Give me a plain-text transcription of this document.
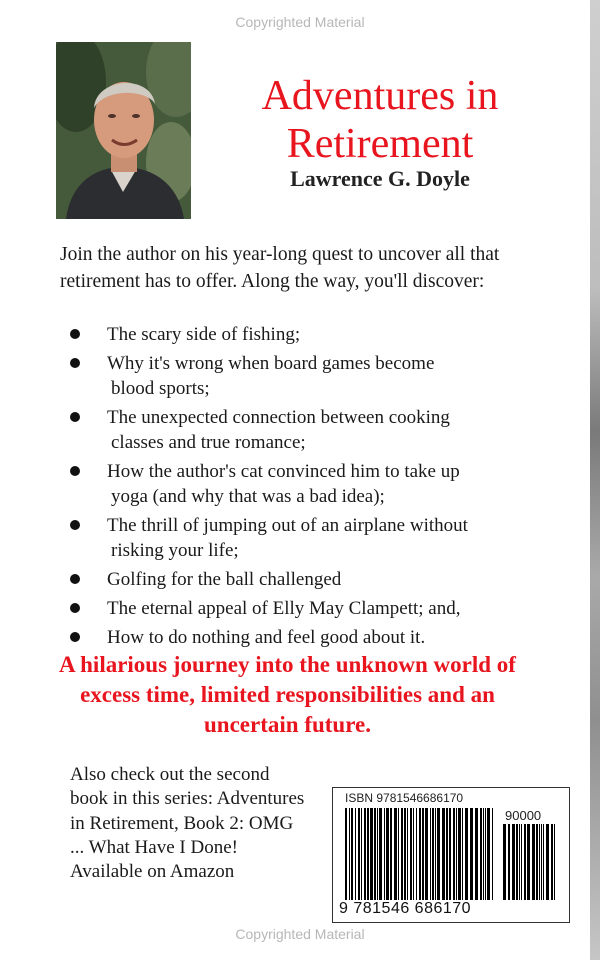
Copyrighted Material
Adventures in Retirement
Lawrence G. Doyle
Join the author on his year-long quest to uncover all that retirement has to offer. Along the way, you'll discover:
The scary side of fishing;
Why it's wrong when board games become
blood sports;
The unexpected connection between cooking
classes and true romance;
How the author's cat convinced him to take up
yoga (and why that was a bad idea);
The thrill of jumping out of an airplane without
risking your life;
Golfing for the ball challenged
The eternal appeal of Elly May Clampett; and,
How to do nothing and feel good about it.
A hilarious journey into the unknown world of excess time, limited responsibilities and an uncertain future.
Also check out the second book in this series: Adventures in Retirement, Book 2: OMG ... What Have I Done! Available on Amazon
ISBN 9781546686170
90000
9 781546 686170
Copyrighted Material
